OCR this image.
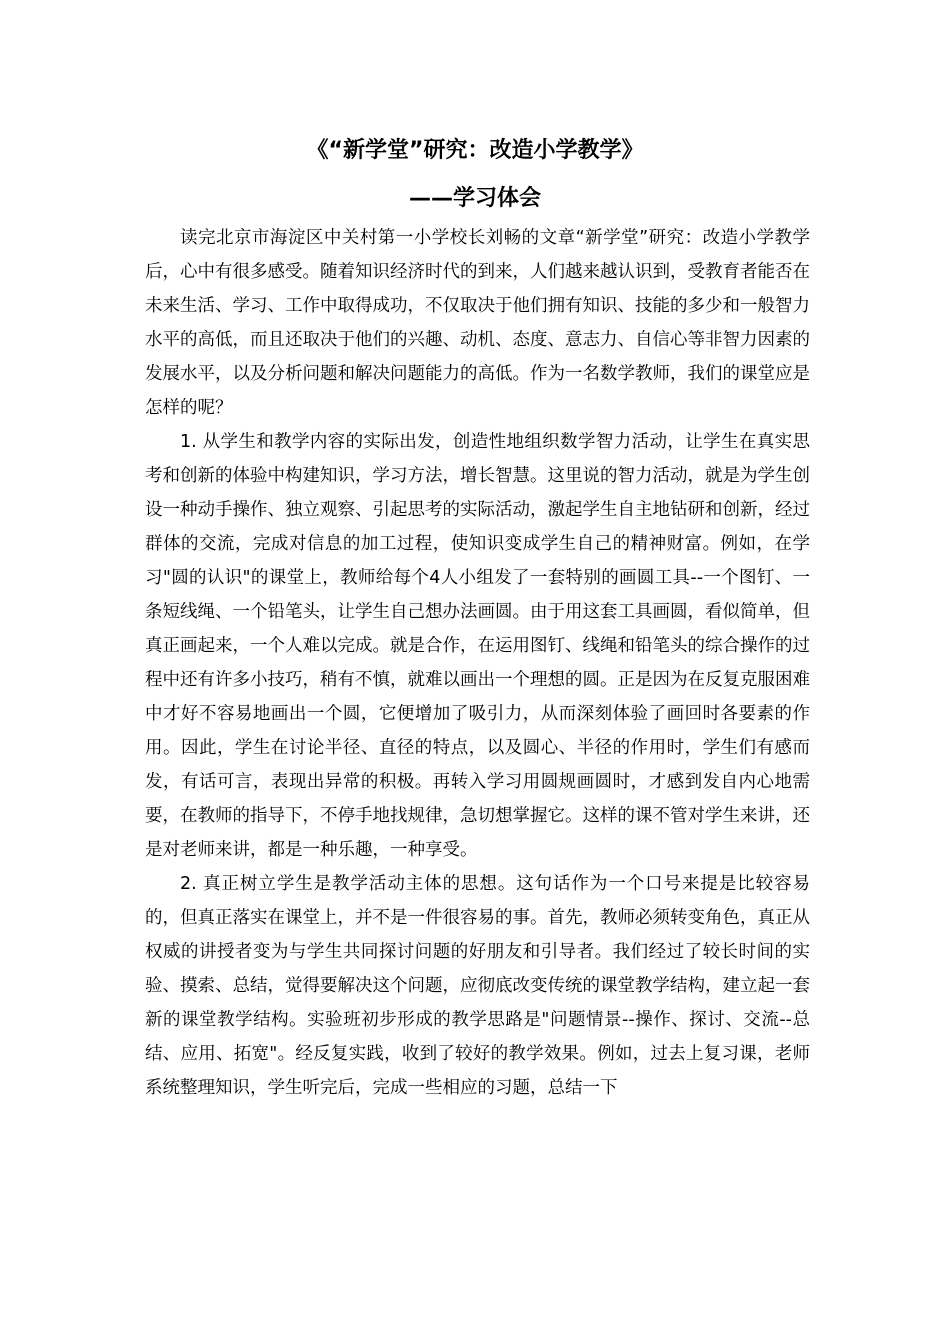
《“新学堂”研究：改造小学教学》
——学习体会

读完北京市海淀区中关村第一小学校长刘畅的文章“新学堂”研究：改造小学教学后，心中有很多感受。随着知识经济时代的到来，人们越来越认识到，受教育者能否在未来生活、学习、工作中取得成功，不仅取决于他们拥有知识、技能的多少和一般智力水平的高低，而且还取决于他们的兴趣、动机、态度、意志力、自信心等非智力因素的发展水平，以及分析问题和解决问题能力的高低。作为一名数学教师，我们的课堂应是怎样的呢？

1. 从学生和教学内容的实际出发，创造性地组织数学智力活动，让学生在真实思考和创新的体验中构建知识，学习方法，增长智慧。这里说的智力活动，就是为学生创设一种动手操作、独立观察、引起思考的实际活动，激起学生自主地钻研和创新，经过群体的交流，完成对信息的加工过程，使知识变成学生自己的精神财富。例如，在学习"圆的认识"的课堂上，教师给每个4人小组发了一套特别的画圆工具--一个图钉、一条短线绳、一个铅笔头，让学生自己想办法画圆。由于用这套工具画圆，看似简单，但真正画起来，一个人难以完成。就是合作，在运用图钉、线绳和铅笔头的综合操作的过程中还有许多小技巧，稍有不慎，就难以画出一个理想的圆。正是因为在反复克服困难中才好不容易地画出一个圆，它便增加了吸引力，从而深刻体验了画回时各要素的作用。因此，学生在讨论半径、直径的特点，以及圆心、半径的作用时，学生们有感而发，有话可言，表现出异常的积极。再转入学习用圆规画圆时，才感到发自内心地需要，在教师的指导下，不停手地找规律，急切想掌握它。这样的课不管对学生来讲，还是对老师来讲，都是一种乐趣，一种享受。

2. 真正树立学生是教学活动主体的思想。这句话作为一个口号来提是比较容易的，但真正落实在课堂上，并不是一件很容易的事。首先，教师必须转变角色，真正从权威的讲授者变为与学生共同探讨问题的好朋友和引导者。我们经过了较长时间的实验、摸索、总结，觉得要解决这个问题，应彻底改变传统的课堂教学结构，建立起一套新的课堂教学结构。实验班初步形成的教学思路是"问题情景--操作、探讨、交流--总结、应用、拓宽"。经反复实践，收到了较好的教学效果。例如，过去上复习课，老师系统整理知识，学生听完后，完成一些相应的习题，总结一下
